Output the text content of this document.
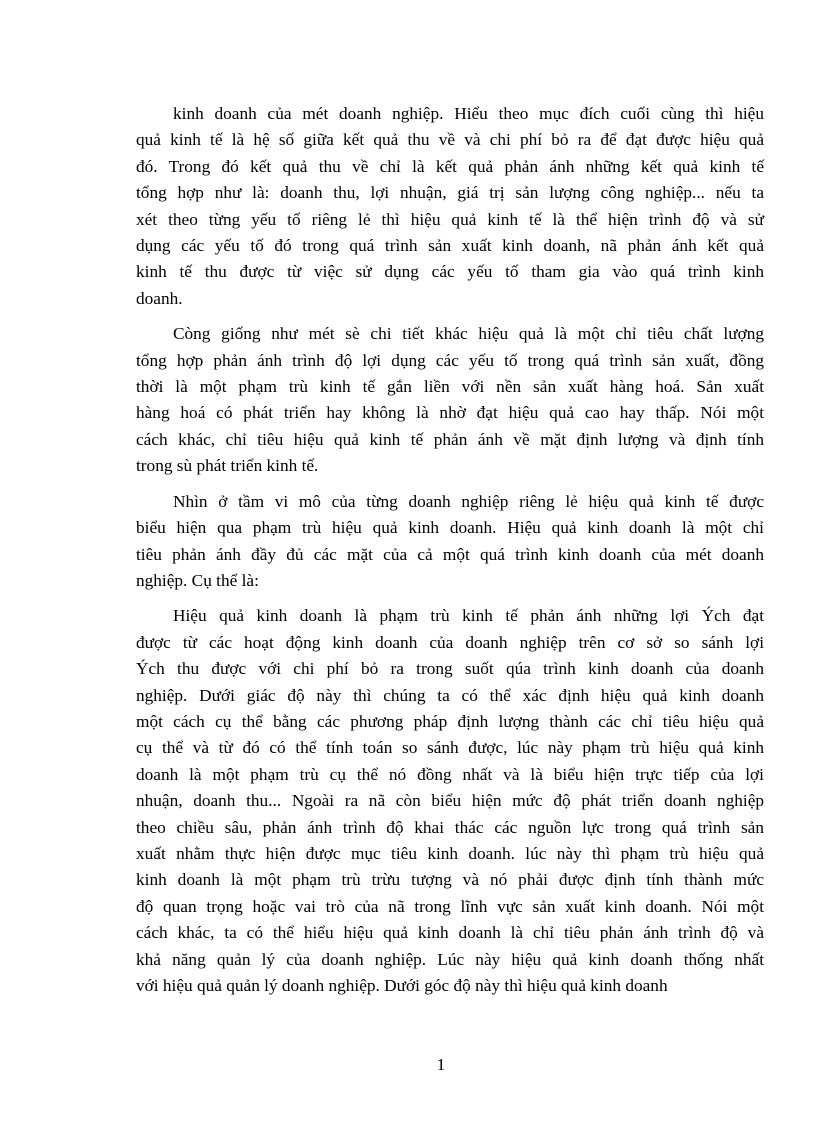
kinh doanh của mét doanh nghiệp. Hiểu theo mục đích cuối cùng thì hiệu
quả kinh tế là hệ số giữa kết quả thu về và chi phí bỏ ra để đạt được hiệu quả
đó. Trong đó kết quả thu về chỉ là kết quả phản ánh những kết quả kinh tế
tổng hợp như là: doanh thu, lợi nhuận, giá trị sản lượng công nghiệp... nếu ta
xét theo từng yếu tố riêng lẻ thì hiệu quả kinh tế là thể hiện trình độ và sử
dụng các yếu tố đó trong quá trình sản xuất kinh doanh, nã phản ánh kết quả
kinh tế thu được từ việc sử dụng các yếu tố tham gia vào quá trình kinh
doanh.

Còng giống như mét sè chi tiết khác hiệu quả là một chỉ tiêu chất lượng
tổng hợp phản ánh trình độ lợi dụng các yếu tố trong quá trình sản xuất, đồng
thời là một phạm trù kinh tế gắn liền với nền sản xuất hàng hoá. Sản xuất
hàng hoá có phát triển hay không là nhờ đạt hiệu quả cao hay thấp. Nói một
cách khác, chỉ tiêu hiệu quả kinh tế phản ánh về mặt định lượng và định tính
trong sù phát triển kinh tế.

Nhìn ở tầm vi mô của từng doanh nghiệp riêng lẻ hiệu quả kinh tế được
biểu hiện qua phạm trù hiệu quả kinh doanh. Hiệu quả kinh doanh là một chỉ
tiêu phản ánh đầy đủ các mặt của cả một quá trình kinh doanh của mét doanh
nghiệp. Cụ thể là:

Hiệu quả kinh doanh là phạm trù kinh tế phản ánh những lợi Ých đạt
được từ các hoạt động kinh doanh của doanh nghiệp trên cơ sở so sánh lợi
Ých thu được với chi phí bỏ ra trong suốt qúa trình kinh doanh của doanh
nghiệp. Dưới giác độ này thì chúng ta có thể xác định hiệu quả kinh doanh
một cách cụ thể bằng các phương pháp định lượng thành các chỉ tiêu hiệu quả
cụ thể và từ đó có thể tính toán so sánh được, lúc này phạm trù hiệu quả kinh
doanh là một phạm trù cụ thể nó đồng nhất và là biểu hiện trực tiếp của lợi
nhuận, doanh thu... Ngoài ra nã còn biểu hiện mức độ phát triển doanh nghiệp
theo chiều sâu, phản ánh trình độ khai thác các nguồn lực trong quá trình sản
xuất nhằm thực hiện được mục tiêu kinh doanh. lúc này thì phạm trù hiệu quả
kinh doanh là một phạm trù trừu tượng và nó phải được định tính thành mức
độ quan trọng hoặc vai trò của nã trong lĩnh vực sản xuất kinh doanh. Nói một
cách khác, ta có thể hiểu hiệu quả kinh doanh là chỉ tiêu phản ánh trình độ và
khả năng quản lý của doanh nghiệp. Lúc này hiệu quả kinh doanh thống nhất
với hiệu quả quản lý doanh nghiệp. Dưới góc độ này thì hiệu quả kinh doanh

1
